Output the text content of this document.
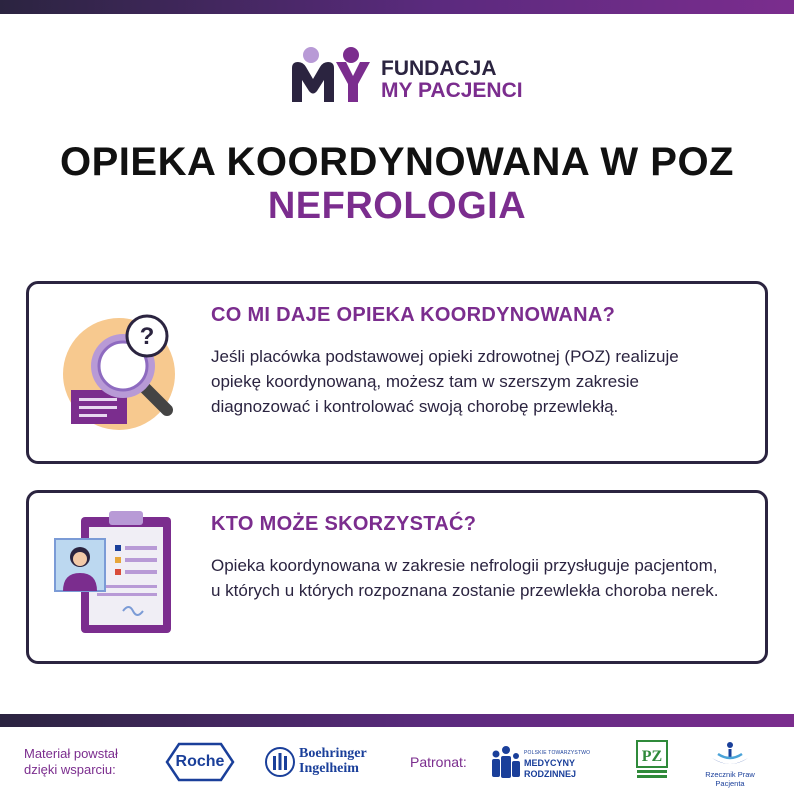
FUNDACJA
MY PACJENCI
OPIEKA KOORDYNOWANA W POZ
NEFROLOGIA
?
CO MI DAJE OPIEKA KOORDYNOWANA?

Jeśli placówka podstawowej opieki zdrowotnej (POZ) realizuje opiekę koordynowaną, możesz tam w szerszym zakresie diagnozować i kontrolować swoją chorobę przewlekłą.

KTO MOŻE SKORZYSTAĆ?

Opieka koordynowana w zakresie nefrologii przysługuje pacjentom, u których u których rozpoznana zostanie przewlekła choroba nerek.

Materiał powstał
dzięki wsparciu:	Roche	Boehringer
Ingelheim	Patronat:
POLSKIE TOWARZYSTWO
MEDYCYNY RODZINNEJ
PZ
Rzecznik Praw Pacjenta
